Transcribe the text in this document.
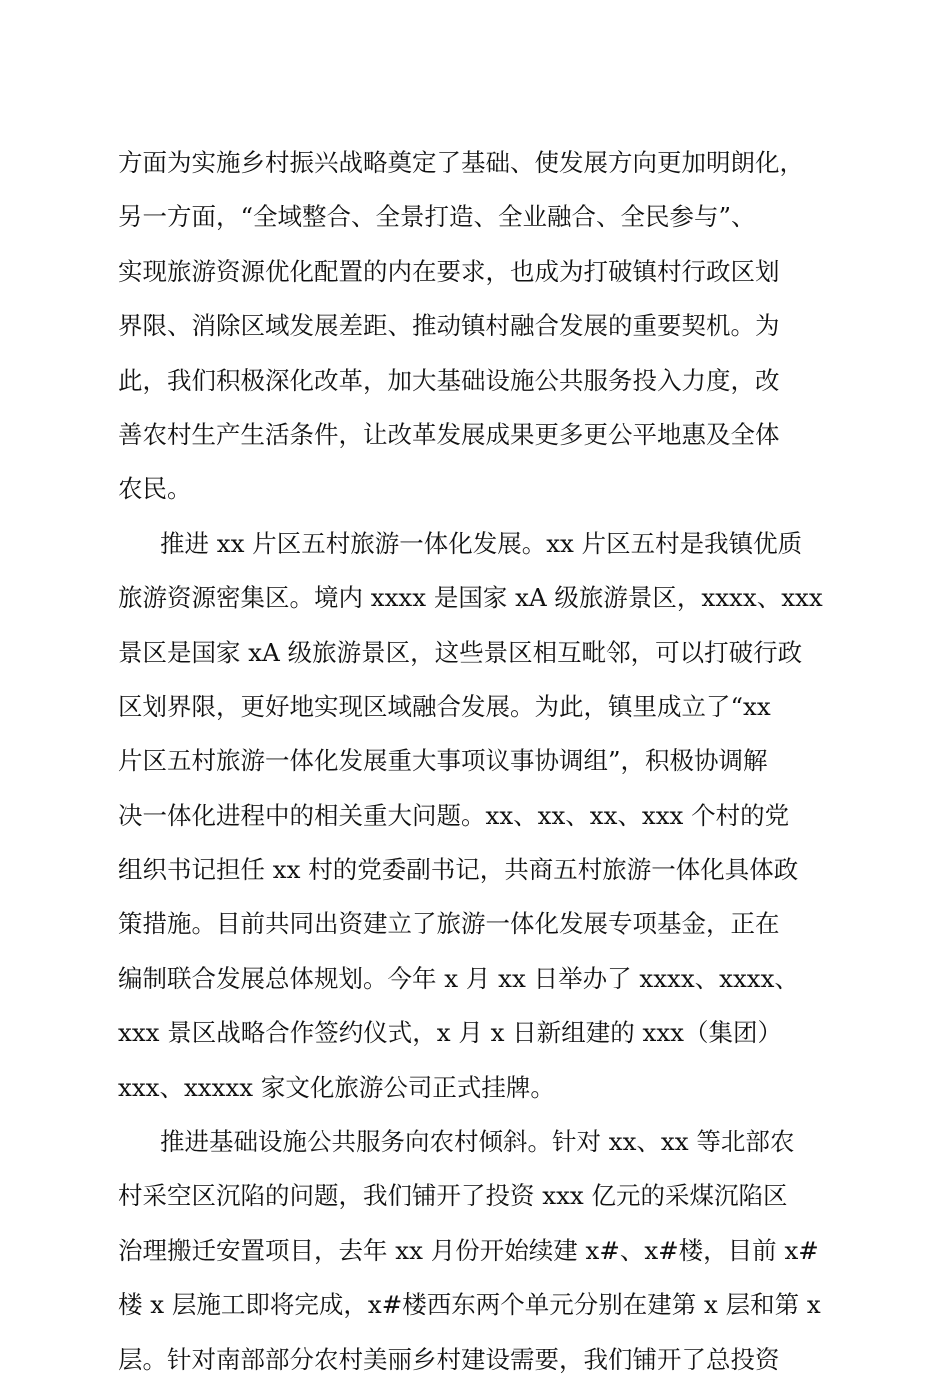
方面为实施乡村振兴战略奠定了基础、使发展方向更加明朗化，
另一方面，“全域整合、全景打造、全业融合、全民参与”、
实现旅游资源优化配置的内在要求，也成为打破镇村行政区划
界限、消除区域发展差距、推动镇村融合发展的重要契机。为
此，我们积极深化改革，加大基础设施公共服务投入力度，改
善农村生产生活条件，让改革发展成果更多更公平地惠及全体
农民。
推进 xx 片区五村旅游一体化发展。xx 片区五村是我镇优质
旅游资源密集区。境内 xxxx 是国家 xA 级旅游景区，xxxx、xxx
景区是国家 xA 级旅游景区，这些景区相互毗邻，可以打破行政
区划界限，更好地实现区域融合发展。为此，镇里成立了“xx
片区五村旅游一体化发展重大事项议事协调组”，积极协调解
决一体化进程中的相关重大问题。xx、xx、xx、xxx 个村的党
组织书记担任 xx 村的党委副书记，共商五村旅游一体化具体政
策措施。目前共同出资建立了旅游一体化发展专项基金，正在
编制联合发展总体规划。今年 x 月 xx 日举办了 xxxx、xxxx、
xxx 景区战略合作签约仪式，x 月 x 日新组建的 xxx（集团）
xxx、xxxxx 家文化旅游公司正式挂牌。
推进基础设施公共服务向农村倾斜。针对 xx、xx 等北部农
村采空区沉陷的问题，我们铺开了投资 xxx 亿元的采煤沉陷区
治理搬迁安置项目，去年 xx 月份开始续建 x#、x#楼，目前 x#
楼 x 层施工即将完成，x#楼西东两个单元分别在建第 x 层和第 x
层。针对南部部分农村美丽乡村建设需要，我们铺开了总投资
